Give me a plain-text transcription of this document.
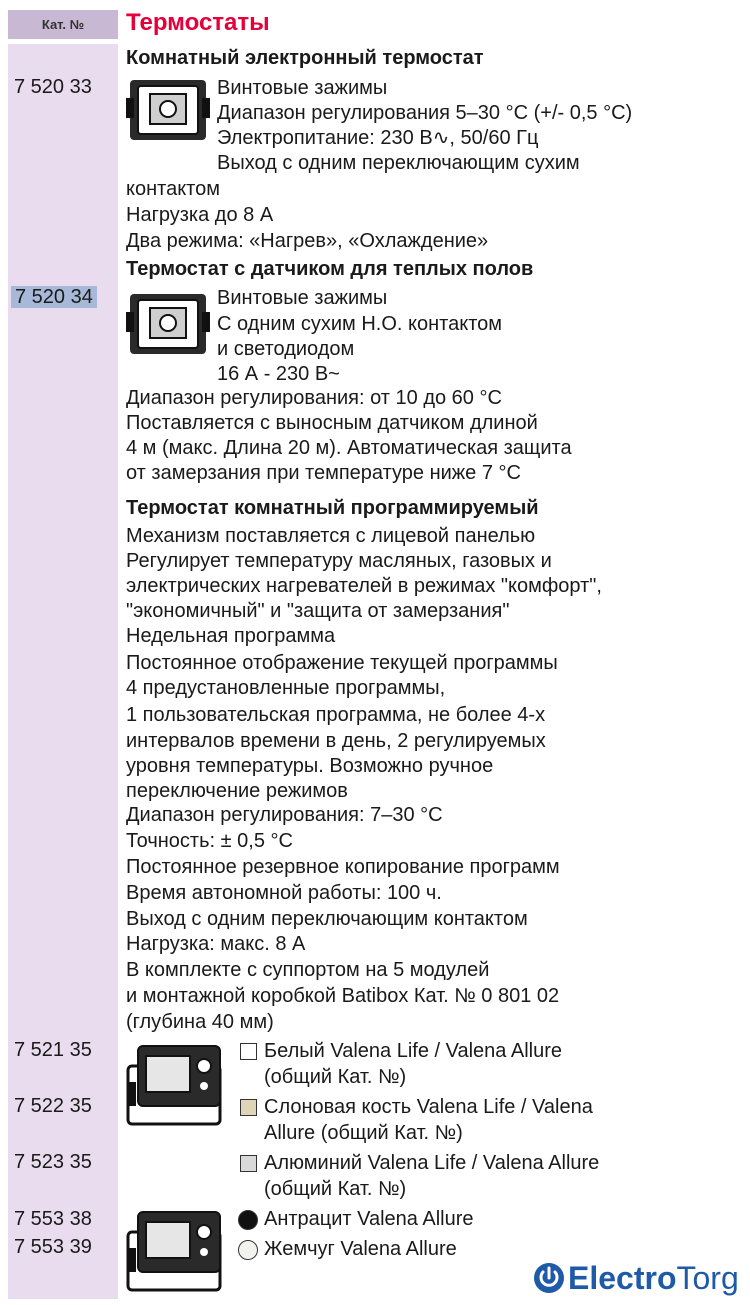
Кат. №	Термостаты
Комнатный электронный термостат
7 520 33	Винтовые зажимы
Диапазон регулирования 5–30 °C (+/- 0,5 °C)
Электропитание: 230 В∿, 50/60 Гц
Выход с одним переключающим сухим
контактом
Нагрузка до 8 А
Два режима: «Нагрев», «Охлаждение»
Термостат с датчиком для теплых полов
7 520 34	Винтовые зажимы
С одним сухим Н.О. контактом
и светодиодом
16 А - 230 В~
Диапазон регулирования: от 10 до 60 °C
Поставляется с выносным датчиком длиной
4 м (макс. Длина 20 м). Автоматическая защита
от замерзания при температуре ниже 7 °C
Термостат комнатный программируемый
Механизм поставляется с лицевой панелью
Регулирует температуру масляных, газовых и
электрических нагревателей в режимах "комфорт",
"экономичный" и "защита от замерзания"
Недельная программа
Постоянное отображение текущей программы
4 предустановленные программы,
1 пользовательская программа, не более 4-х
интервалов времени в день, 2 регулируемых
уровня температуры. Возможно ручное
переключение режимов
Диапазон регулирования: 7–30 °C
Точность: ± 0,5 °C
Постоянное резервное копирование программ
Время автономной работы: 100 ч.
Выход с одним переключающим контактом
Нагрузка: макс. 8 А
В комплекте с суппортом на 5 модулей
и монтажной коробкой Batibox Кат. № 0 801 02
(глубина 40 мм)
7 521 35	Белый Valena Life / Valena Allure
(общий Кат. №)
7 522 35	Слоновая кость Valena Life / Valena
Allure (общий Кат. №)
7 523 35	Алюминий Valena Life / Valena Allure
(общий Кат. №)
7 553 38	Антрацит Valena Allure
7 553 39	Жемчуг Valena Allure
Electro Torg
